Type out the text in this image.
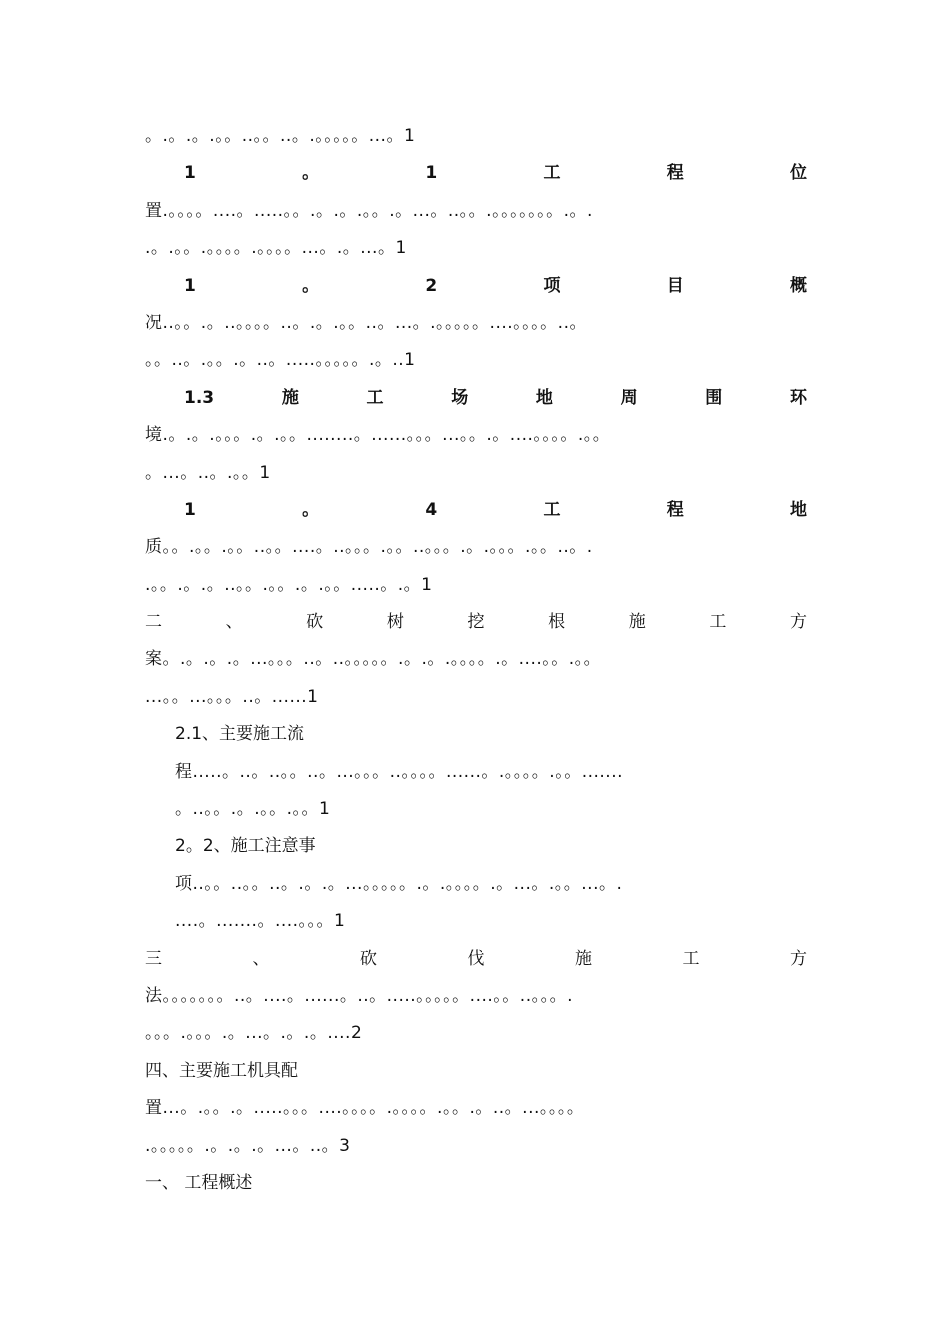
。.。.。.。。..。。..。.。。。。。...。1
1	。	1	工	程	位
置.。。。。....。.....。。.。.。.。。.。...。..。。.。。。。。。。.。.
.。.。。.。。。。.。。。。...。.。...。1
1	。	2	项	目	概
况..。。.。..。。。。..。.。.。。..。...。.。。。。。....。。。。..。
。。..。.。。.。..。.....。。。。。.。..1
1.3	施	工	场	地	周	围	环
境.。.。.。。。.。.。。........。......。。。...。。.。....。。。。.。。
。...。..。.。。1
1	。	4	工	程	地
质。。.。。.。。..。。....。..。。。.。。..。。。.。.。。。.。。..。.
.。。.。.。..。。.。。.。.。。.....。.。1
二	、	砍	树	挖	根	施	工	方
案。.。.。.。...。。。..。..。。。。。.。.。.。。。。.。....。。.。。
...。。...。。。..。......1
2.1、主要施工流
程.....。..。..。。..。...。。。..。。。。......。.。。。。.。。.......
。..。。.。.。。.。。1
2。2、施工注意事
项..。。..。。..。.。.。...。。。。。.。.。。。。.。...。.。。...。.
....。.......。....。。。1
三	、	砍	伐	施	工	方
法。。。。。。。..。....。......。..。.....。。。。。....。。..。。。.
。。。.。。。.。...。.。.。....2
四、主要施工机具配
置...。.。。.。.....。。。....。。。。.。。。。.。。.。..。...。。。。
.。。。。。.。.。.。...。..。3
一、 工程概述
